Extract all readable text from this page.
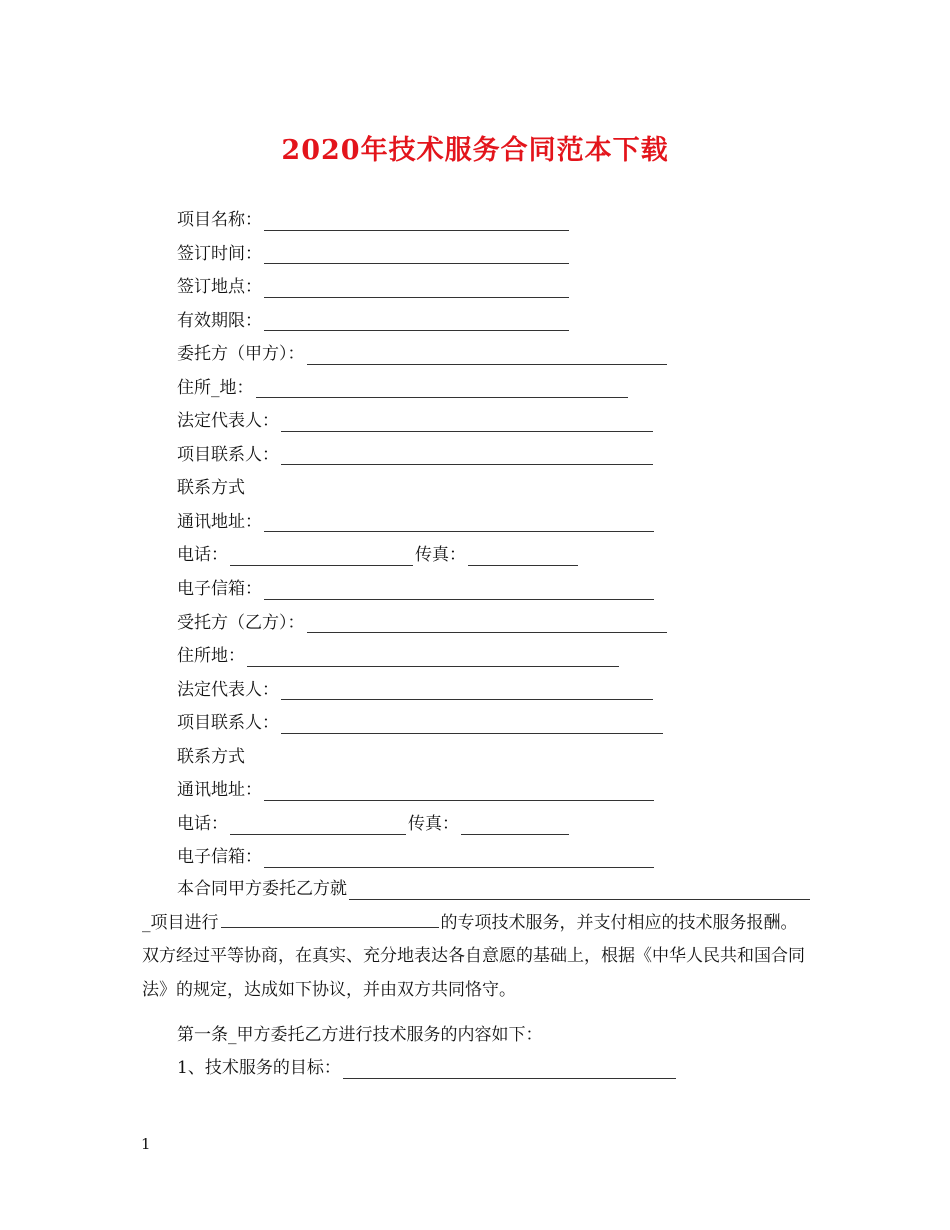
2020年技术服务合同范本下载
项目名称：
签订时间：
签订地点：
有效期限：
委托方（甲方）：
住所_地：
法定代表人：
项目联系人：
联系方式
通讯地址：
电话：	传真：
电子信箱：
受托方（乙方）：
住所地：
法定代表人：
项目联系人：
联系方式
通讯地址：
电话：	传真：
电子信箱：
本合同甲方委托乙方就
_项目进行	的专项技术服务，并支付相应的技术服务报酬。双方经过平等协商，在真实、充分地表达各自意愿的基础上，根据《中华人民共和国合同法》的规定，达成如下协议，并由双方共同恪守。
第一条_甲方委托乙方进行技术服务的内容如下：
1、技术服务的目标：
1
